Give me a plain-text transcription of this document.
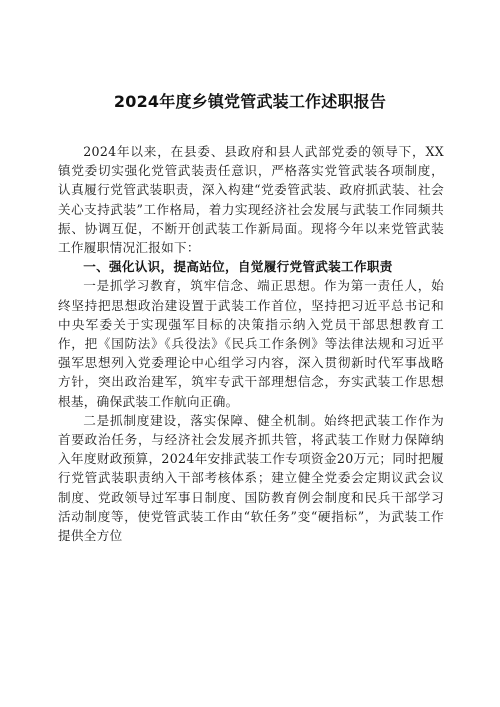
2024年度乡镇党管武装工作述职报告

2024年以来，在县委、县政府和县人武部党委的领导下，XX镇党委切实强化党管武装责任意识，严格落实党管武装各项制度，认真履行党管武装职责，深入构建“党委管武装、政府抓武装、社会关心支持武装”工作格局，着力实现经济社会发展与武装工作同频共振、协调互促，不断开创武装工作新局面。现将今年以来党管武装工作履职情况汇报如下：

一、强化认识，提高站位，自觉履行党管武装工作职责

一是抓学习教育，筑牢信念、端正思想。作为第一责任人，始终坚持把思想政治建设置于武装工作首位，坚持把习近平总书记和中央军委关于实现强军目标的决策指示纳入党员干部思想教育工作，把《国防法》《兵役法》《民兵工作条例》等法律法规和习近平强军思想列入党委理论中心组学习内容，深入贯彻新时代军事战略方针，突出政治建军，筑牢专武干部理想信念，夯实武装工作思想根基，确保武装工作航向正确。

二是抓制度建设，落实保障、健全机制。始终把武装工作作为首要政治任务，与经济社会发展齐抓共管，将武装工作财力保障纳入年度财政预算，2024年安排武装工作专项资金20万元；同时把履行党管武装职责纳入干部考核体系；建立健全党委会定期议武会议制度、党政领导过军事日制度、国防教育例会制度和民兵干部学习活动制度等，使党管武装工作由“软任务”变“硬指标”，为武装工作提供全方位
